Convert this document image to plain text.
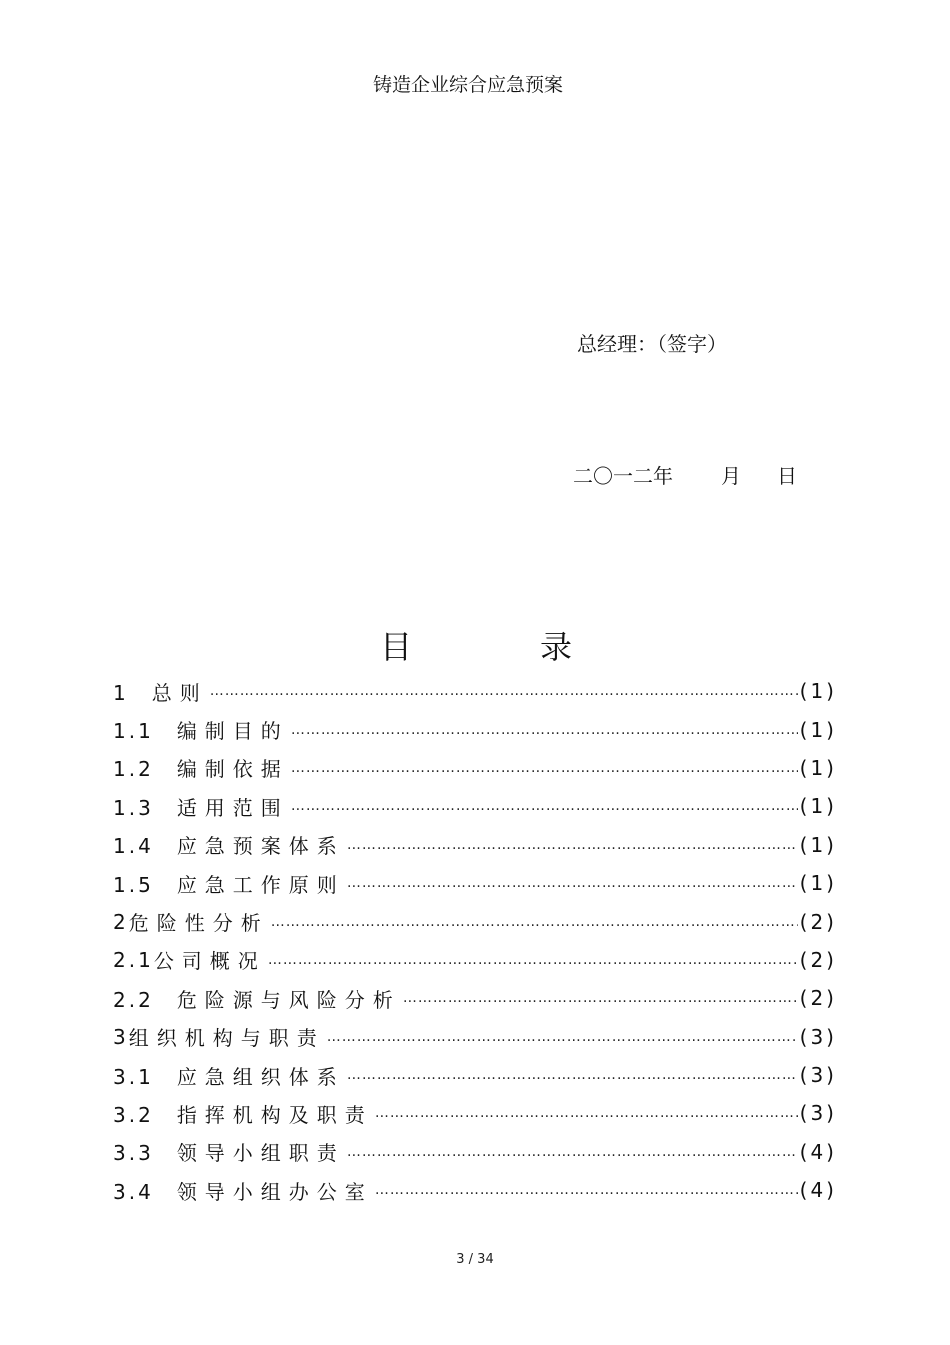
铸造企业综合应急预案
总经理：（签字）
二〇一二年 月 日
目	录
1　 总则 ……………………………………………………………………………………………………………………………………………………	(1)
1.1　 编制目的 ……………………………………………………………………………………………………………………………………………………	(1)
1.2　 编制依据 ……………………………………………………………………………………………………………………………………………………	(1)
1.3　 适用范围 ……………………………………………………………………………………………………………………………………………………	(1)
1.4　 应急预案体系 ……………………………………………………………………………………………………………………………………………………	(1)
1.5　 应急工作原则 ……………………………………………………………………………………………………………………………………………………	(1)
2 危险性分析 ……………………………………………………………………………………………………………………………………………………	(2)
2.1 公司概况 ……………………………………………………………………………………………………………………………………………………	(2)
2.2　 危险源与风险分析 ……………………………………………………………………………………………………………………………………………………	(2)
3 组织机构与职责 ……………………………………………………………………………………………………………………………………………………	(3)
3.1　 应急组织体系 ……………………………………………………………………………………………………………………………………………………	(3)
3.2　 指挥机构及职责 ……………………………………………………………………………………………………………………………………………………	(3)
3.3　 领导小组职责 ……………………………………………………………………………………………………………………………………………………	(4)
3.4　 领导小组办公室 ……………………………………………………………………………………………………………………………………………………	(4)
3 / 34
